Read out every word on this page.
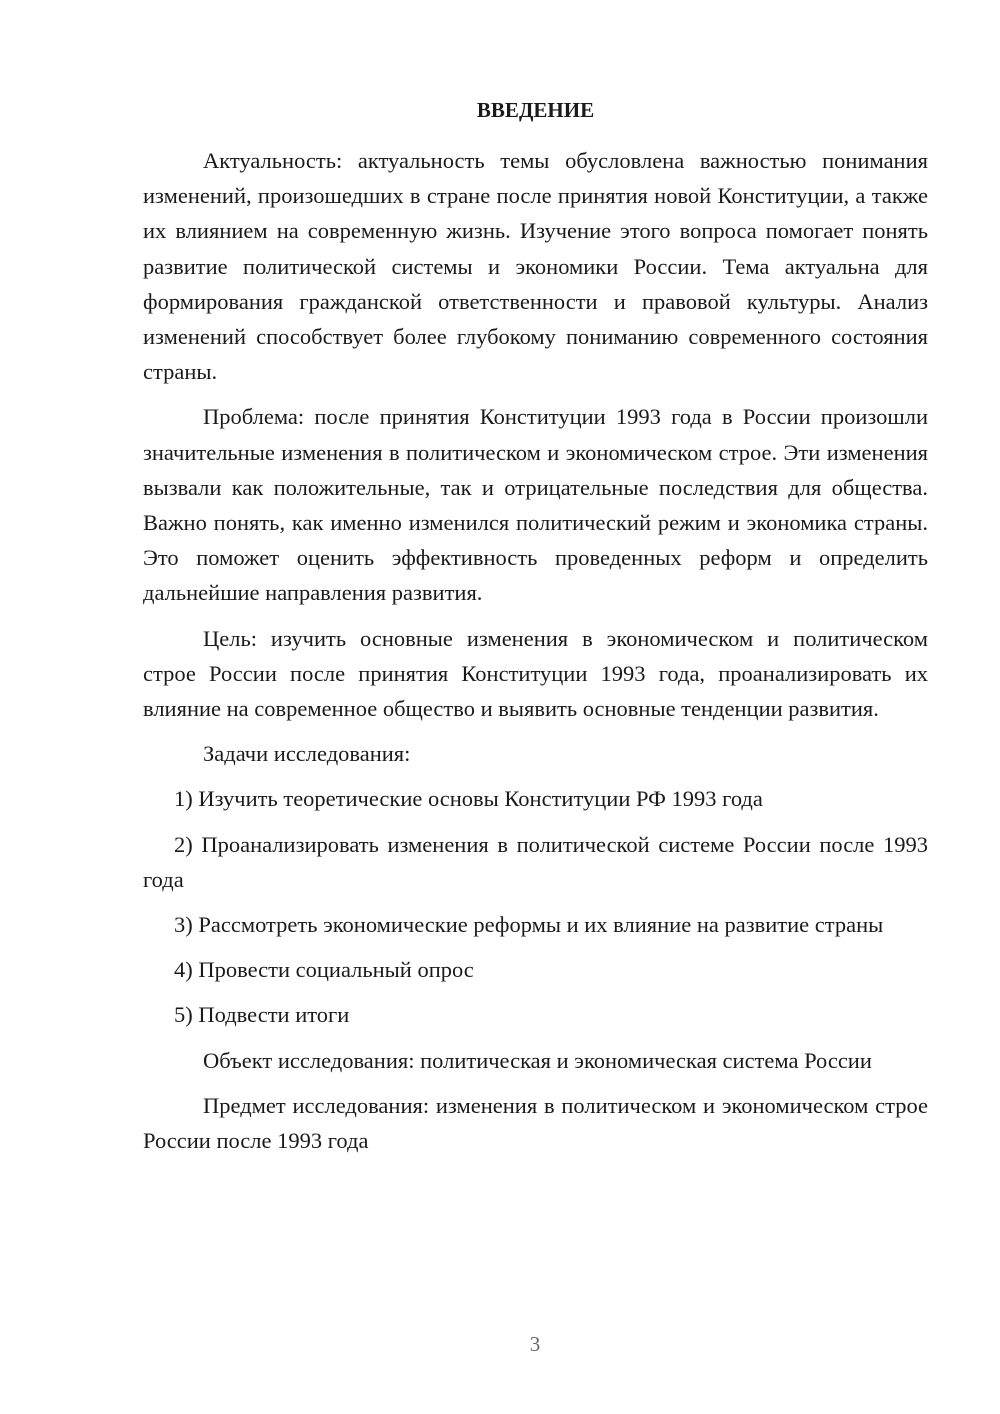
ВВЕДЕНИЕ

Актуальность: актуальность темы обусловлена важностью понимания изменений, произошедших в стране после принятия новой Конституции, а также их влиянием на современную жизнь. Изучение этого вопроса помогает понять развитие политической системы и экономики России. Тема актуальна для формирования гражданской ответственности и правовой культуры. Анализ изменений способствует более глубокому пониманию современного состояния страны.

Проблема: после принятия Конституции 1993 года в России произошли значительные изменения в политическом и экономическом строе. Эти изменения вызвали как положительные, так и отрицательные последствия для общества. Важно понять, как именно изменился политический режим и экономика страны. Это поможет оценить эффективность проведенных реформ и определить дальнейшие направления развития.

Цель: изучить основные изменения в экономическом и политическом строе России после принятия Конституции 1993 года, проанализировать их влияние на современное общество и выявить основные тенденции развития.

Задачи исследования:

1) Изучить теоретические основы Конституции РФ 1993 года

2) Проанализировать изменения в политической системе России после 1993 года

3) Рассмотреть экономические реформы и их влияние на развитие страны

4) Провести социальный опрос

5) Подвести итоги

Объект исследования: политическая и экономическая система России

Предмет исследования: изменения в политическом и экономическом строе России после 1993 года

3
